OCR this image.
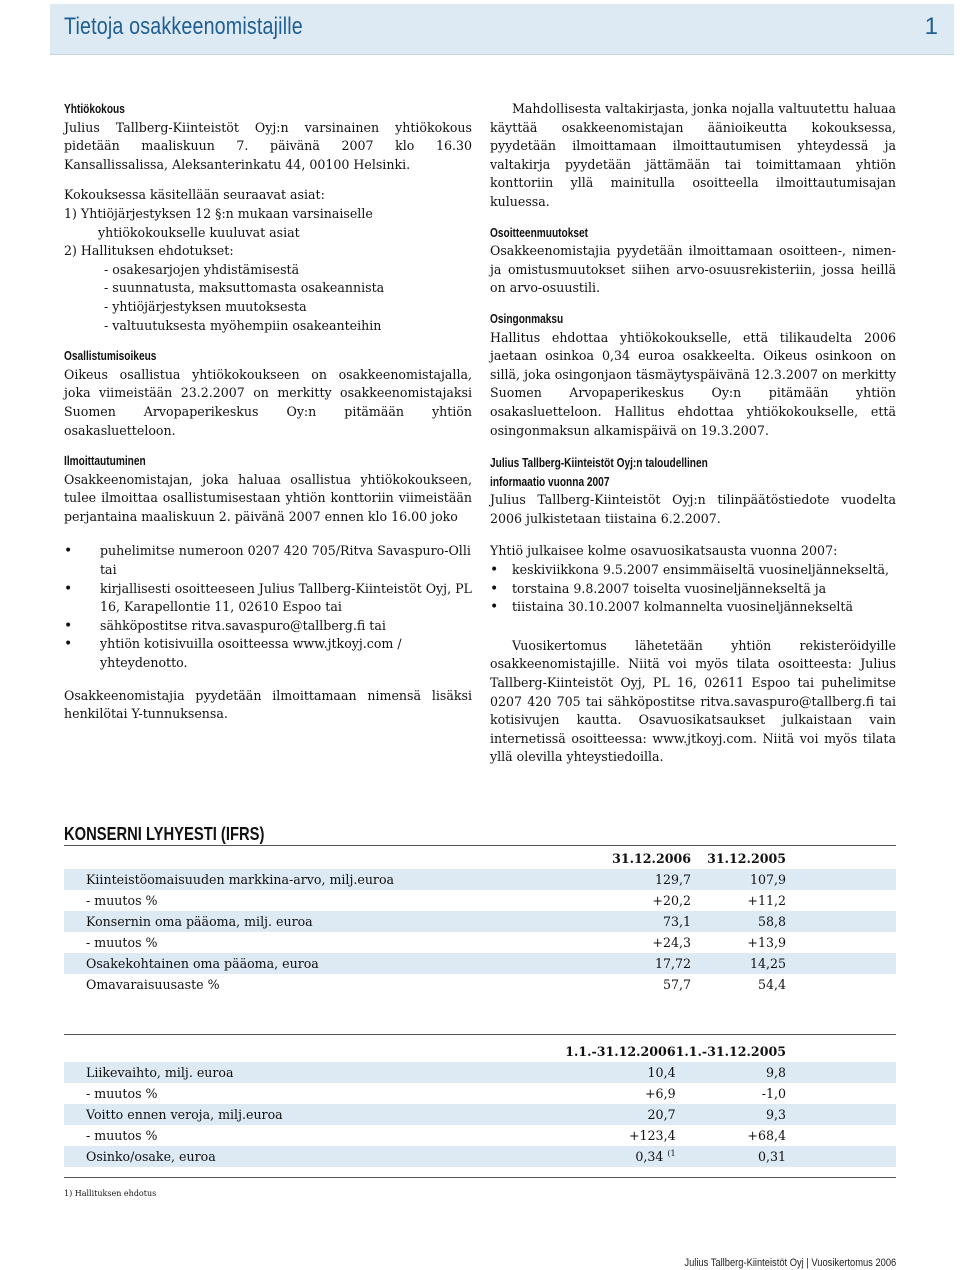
Tietoja osakkeenomistajille	1
Yhtiökokous

Julius Tallberg-Kiinteistöt Oyj:n varsinainen yhtiökokous pidetään maaliskuun 7. päivänä 2007 klo 16.30 Kansallissalissa, Aleksanterinkatu 44, 00100 Helsinki.

Kokouksessa käsitellään seuraavat asiat:
1) Yhtiöjärjestyksen 12 §:n mukaan varsinaiselle
yhtiökokoukselle kuuluvat asiat
2) Hallituksen ehdotukset:
- osakesarjojen yhdistämisestä
- suunnatusta, maksuttomasta osakeannista
- yhtiöjärjestyksen muutoksesta
- valtuutuksesta myöhempiin osakeanteihin
Osallistumisoikeus

Oikeus osallistua yhtiökokoukseen on osakkeenomistajalla, joka viimeistään 23.2.2007 on merkitty osakkeenomistajaksi Suomen Arvopaperikeskus Oy:n pitämään yhtiön osakasluetteloon.

Ilmoittautuminen

Osakkeenomistajan, joka haluaa osallistua yhtiökokoukseen, tulee ilmoittaa osallistumisestaan yhtiön konttoriin viimeistään perjantaina maaliskuun 2. päivänä 2007 ennen klo 16.00 joko

• puhelimitse numeroon 0207 420 705/Ritva Savaspuro-Olli tai
• kirjallisesti osoitteeseen Julius Tallberg-Kiinteistöt Oyj, PL 16, Karapellontie 11, 02610 Espoo tai
• sähköpostitse ritva.savaspuro@tallberg.fi tai
• yhtiön kotisivuilla osoitteessa www.jtkoyj.com / yhteydenotto.

Osakkeenomistajia pyydetään ilmoittamaan nimensä lisäksi henkilötai Y-tunnuksensa.

Mahdollisesta valtakirjasta, jonka nojalla valtuutettu haluaa käyttää osakkeenomistajan äänioikeutta kokouksessa, pyydetään ilmoittamaan ilmoittautumisen yhteydessä ja valtakirja pyydetään jättämään tai toimittamaan yhtiön konttoriin yllä mainitulla osoitteella ilmoittautumisajan kuluessa.

Osoitteenmuutokset

Osakkeenomistajia pyydetään ilmoittamaan osoitteen-, nimen- ja omistusmuutokset siihen arvo-osuusrekisteriin, jossa heillä on arvo-osuustili.

Osingonmaksu

Hallitus ehdottaa yhtiökokoukselle, että tilikaudelta 2006 jaetaan osinkoa 0,34 euroa osakkeelta. Oikeus osinkoon on sillä, joka osingonjaon täsmäytyspäivänä 12.3.2007 on merkitty Suomen Arvopaperikeskus Oy:n pitämään yhtiön osakasluetteloon. Hallitus ehdottaa yhtiökokoukselle, että osingonmaksun alkamispäivä on 19.3.2007.

Julius Tallberg-Kiinteistöt Oyj:n taloudellinen
informaatio vuonna 2007

Julius Tallberg-Kiinteistöt Oyj:n tilinpäätöstiedote vuodelta 2006 julkistetaan tiistaina 6.2.2007.

Yhtiö julkaisee kolme osavuosikatsausta vuonna 2007:
• keskiviikkona 9.5.2007 ensimmäiseltä vuosineljännekseltä,
• torstaina 9.8.2007 toiselta vuosineljännekseltä ja
• tiistaina 30.10.2007 kolmannelta vuosineljännekseltä

Vuosikertomus lähetetään yhtiön rekisteröidyille osakkeenomistajille. Niitä voi myös tilata osoitteesta: Julius Tallberg-Kiinteistöt Oyj, PL 16, 02611 Espoo tai puhelimitse 0207 420 705 tai sähköpostitse ritva.savaspuro@tallberg.fi tai kotisivujen kautta. Osavuosikatsaukset julkaistaan vain internetissä osoitteessa: www.jtkoyj.com. Niitä voi myös tilata yllä olevilla yhteystiedoilla.

KONSERNI LYHYESTI (IFRS)
	31.12.2006	31.12.2005
Kiinteistöomaisuuden markkina-arvo, milj.euroa	129,7	107,9
- muutos %	+20,2	+11,2
Konsernin oma pääoma, milj. euroa	73,1	58,8
- muutos %	+24,3	+13,9
Osakekohtainen oma pääoma, euroa	17,72	14,25
Omavaraisuusaste %	57,7	54,4
	1.1.-31.12.2006	1.1.-31.12.2005
Liikevaihto, milj. euroa	10,4	9,8
- muutos %	+6,9	-1,0
Voitto ennen veroja, milj.euroa	20,7	9,3
- muutos %	+123,4	+68,4
Osinko/osake, euroa	0,34 $^{(1}$	0,31
1) Hallituksen ehdotus
Julius Tallberg-Kiinteistöt Oyj | Vuosikertomus 2006
